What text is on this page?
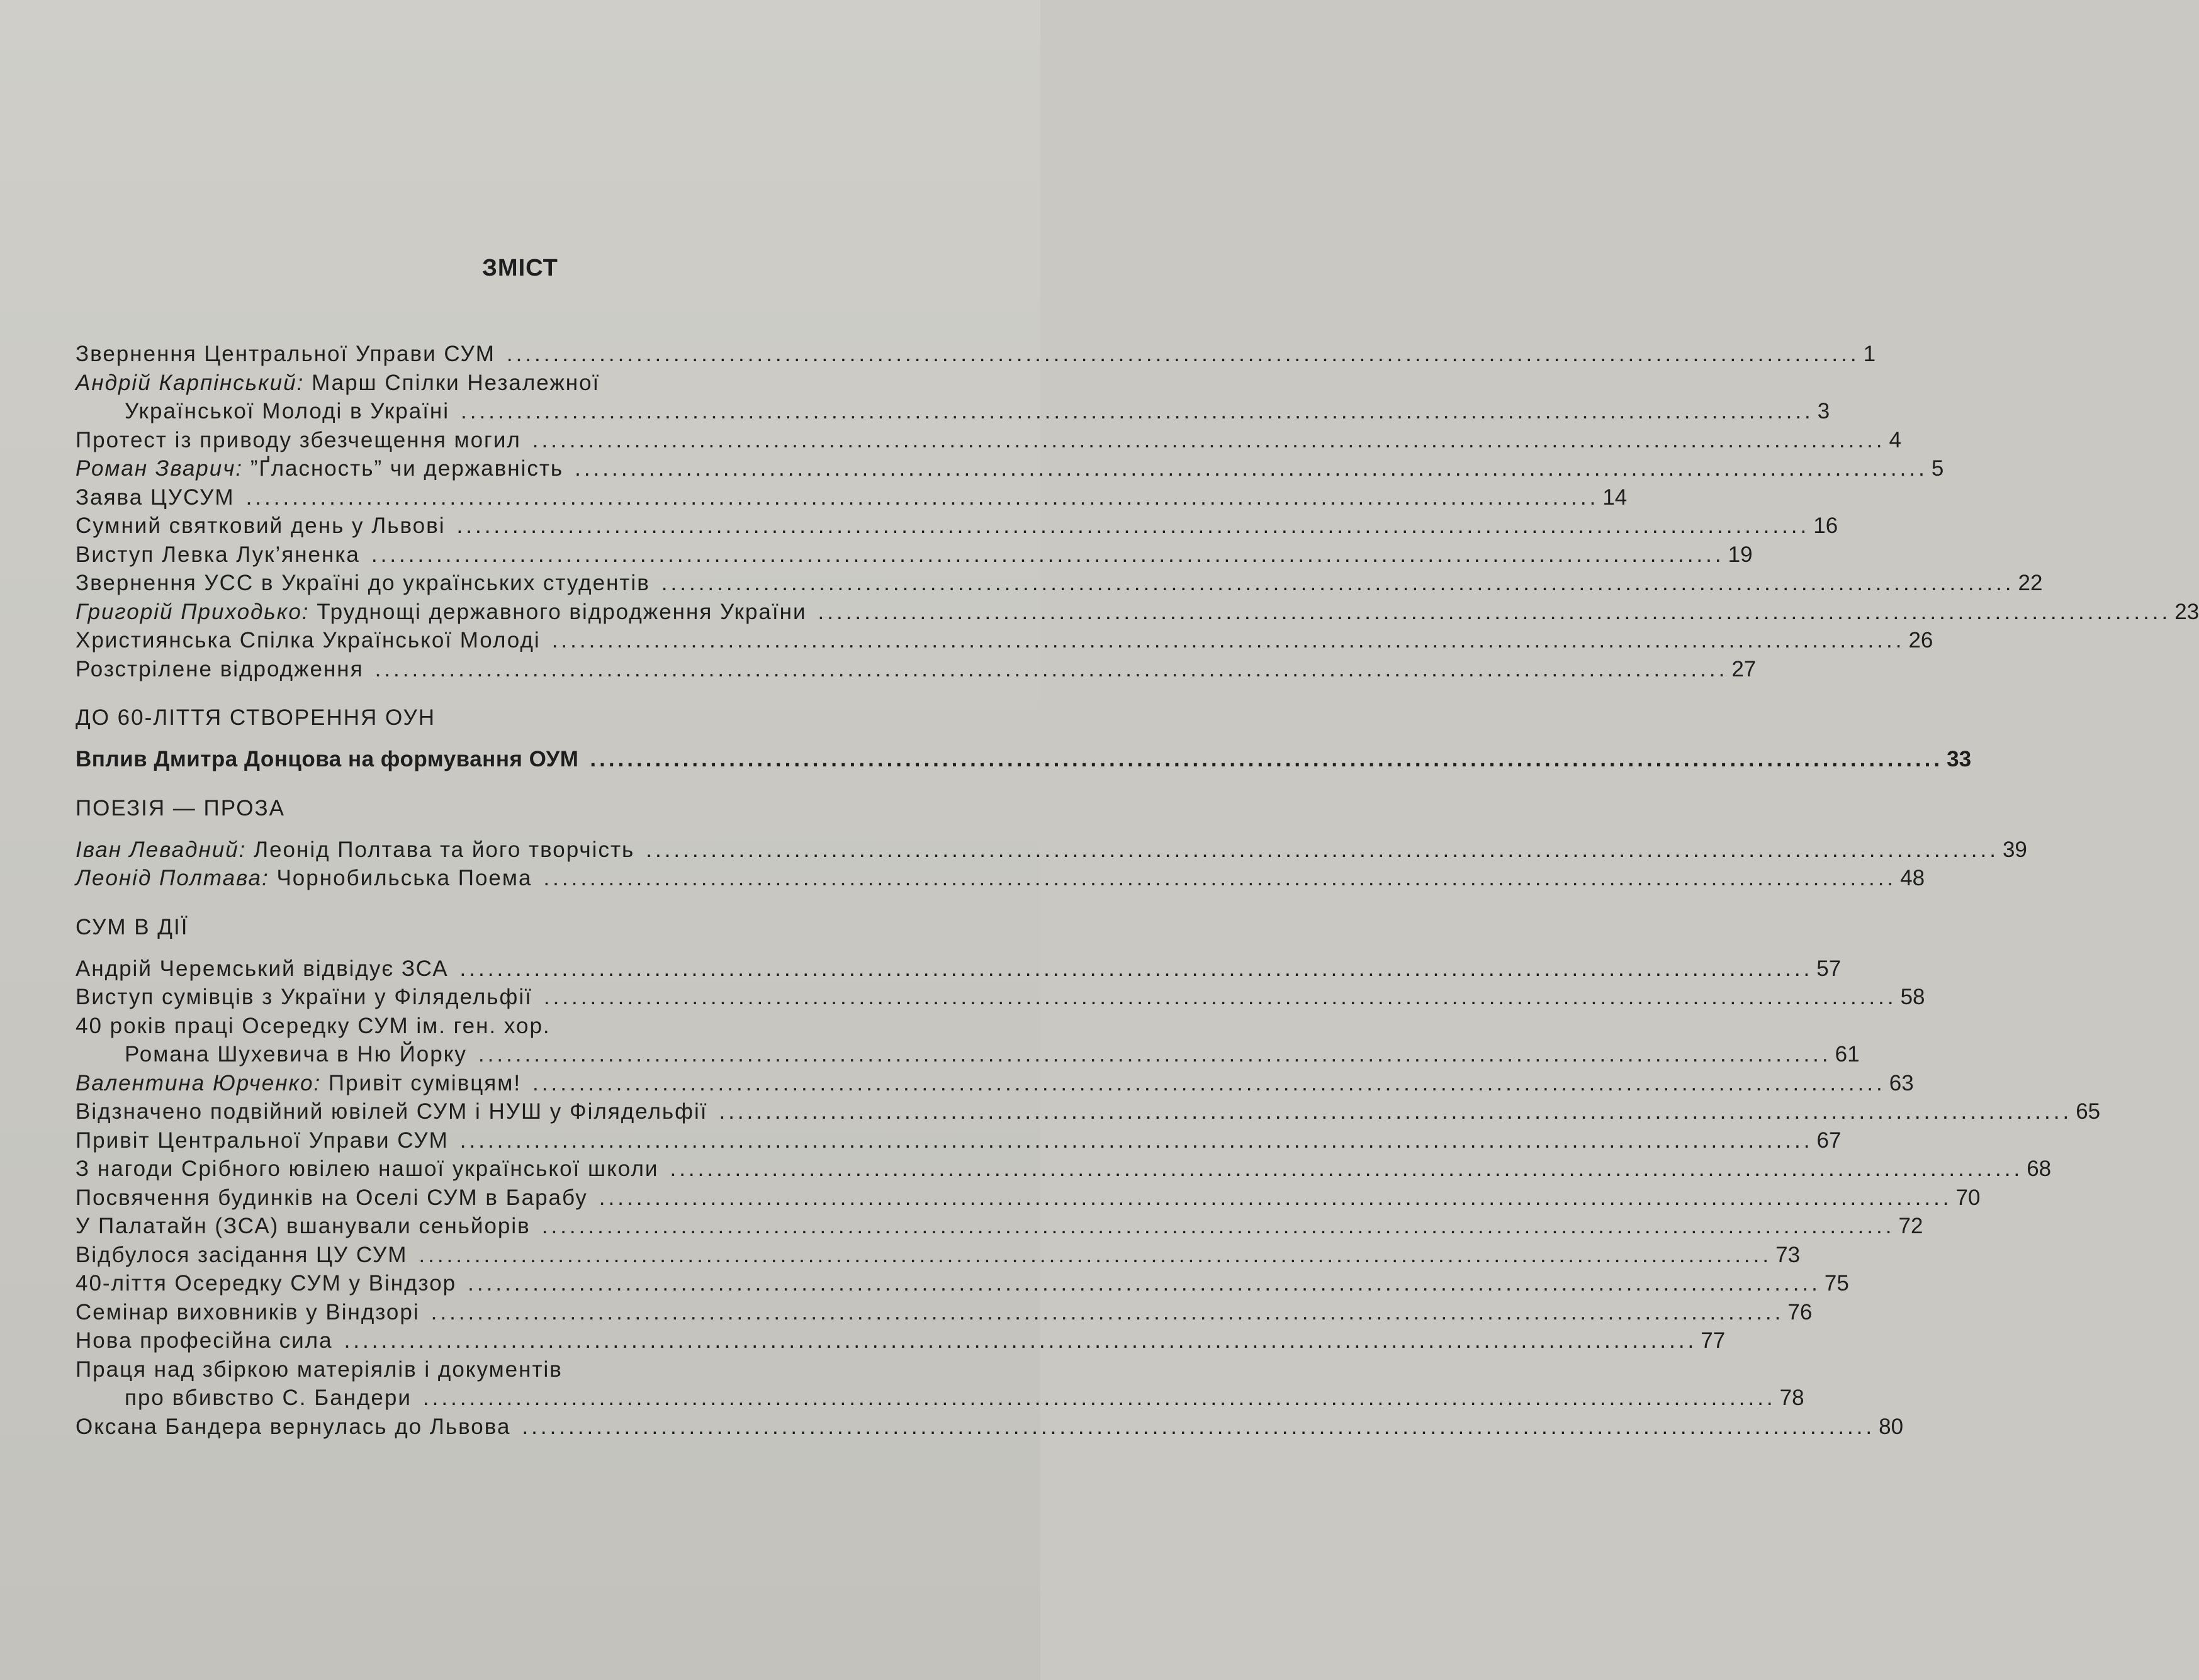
ЗМІСТ
Звернення Центральної Управи СУМ .................................................................................................................................................. 1
Андрій Карпінський: Марш Спілки Незалежної
Української Молоді в Україні .................................................................................................................................................. 3
Протест із приводу збезчещення могил .................................................................................................................................................. 4
Роман Зварич: ”Ґласность” чи державність .................................................................................................................................................. 5
Заява ЦУСУМ .................................................................................................................................................. 14
Сумний святковий день у Львові .................................................................................................................................................. 16
Виступ Левка Лук’яненка .................................................................................................................................................. 19
Звернення УСС в Україні до українських студентів .................................................................................................................................................. 22
Григорій Приходько: Труднощі державного відродження України .................................................................................................................................................. 23
Християнська Спілка Української Молоді .................................................................................................................................................. 26
Розстрілене відродження .................................................................................................................................................. 27
ДО 60-ЛІТТЯ СТВОРЕННЯ ОУН
Вплив Дмитра Донцова на формування ОУМ .................................................................................................................................................. 33
ПОЕЗІЯ — ПРОЗА
Іван Левадний: Леонід Полтава та його творчість .................................................................................................................................................. 39
Леонід Полтава: Чорнобильська Поема .................................................................................................................................................. 48
СУМ В ДІЇ
Андрій Черемський відвідує ЗСА .................................................................................................................................................. 57
Виступ сумівців з України у Філядельфії .................................................................................................................................................. 58
40 років праці Осередку СУМ ім. ген. хор.
Романа Шухевича в Ню Йорку .................................................................................................................................................. 61
Валентина Юрченко: Привіт сумівцям! .................................................................................................................................................. 63
Відзначено подвійний ювілей СУМ і НУШ у Філядельфії .................................................................................................................................................. 65
Привіт Центральної Управи СУМ .................................................................................................................................................. 67
З нагоди Срібного ювілею нашої української школи .................................................................................................................................................. 68
Посвячення будинків на Оселі СУМ в Барабу .................................................................................................................................................. 70
У Палатайн (ЗСА) вшанували сеньйорів .................................................................................................................................................. 72
Відбулося засідання ЦУ СУМ .................................................................................................................................................. 73
40-ліття Осередку СУМ у Віндзор .................................................................................................................................................. 75
Семінар виховників у Віндзорі .................................................................................................................................................. 76
Нова професійна сила .................................................................................................................................................. 77
Праця над збіркою матеріялів і документів
про вбивство С. Бандери .................................................................................................................................................. 78
Оксана Бандера вернулась до Львова .................................................................................................................................................. 80
